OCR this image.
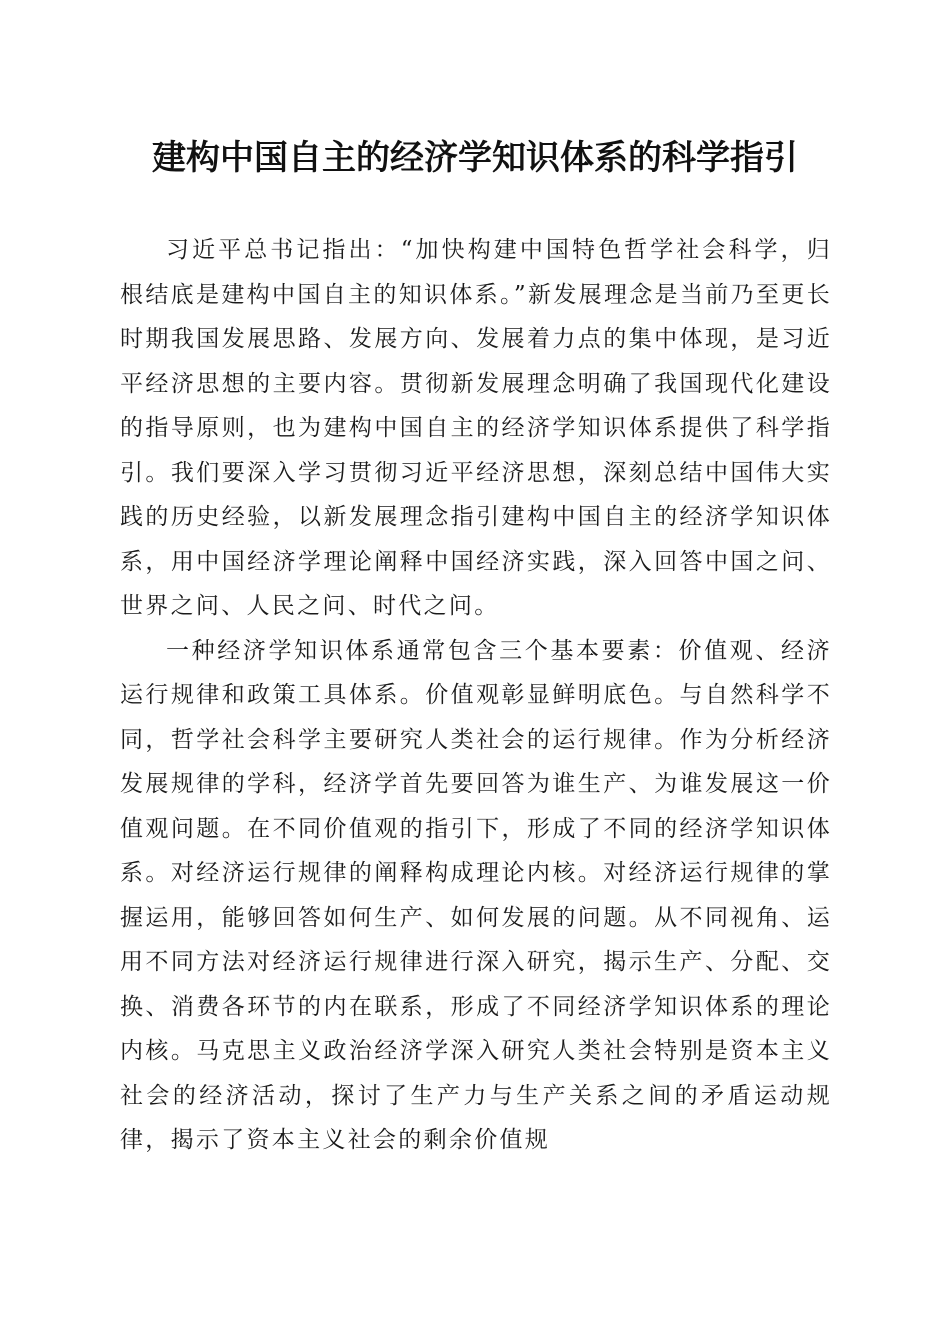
建构中国自主的经济学知识体系的科学指引

习近平总书记指出：“加快构建中国特色哲学社会科学，归根结底是建构中国自主的知识体系。”新发展理念是当前乃至更长时期我国发展思路、发展方向、发展着力点的集中体现，是习近平经济思想的主要内容。贯彻新发展理念明确了我国现代化建设的指导原则，也为建构中国自主的经济学知识体系提供了科学指引。我们要深入学习贯彻习近平经济思想，深刻总结中国伟大实践的历史经验，以新发展理念指引建构中国自主的经济学知识体系，用中国经济学理论阐释中国经济实践，深入回答中国之问、世界之问、人民之问、时代之问。

一种经济学知识体系通常包含三个基本要素：价值观、经济运行规律和政策工具体系。价值观彰显鲜明底色。与自然科学不同，哲学社会科学主要研究人类社会的运行规律。作为分析经济发展规律的学科，经济学首先要回答为谁生产、为谁发展这一价值观问题。在不同价值观的指引下，形成了不同的经济学知识体系。对经济运行规律的阐释构成理论内核。对经济运行规律的掌握运用，能够回答如何生产、如何发展的问题。从不同视角、运用不同方法对经济运行规律进行深入研究，揭示生产、分配、交换、消费各环节的内在联系，形成了不同经济学知识体系的理论内核。马克思主义政治经济学深入研究人类社会特别是资本主义社会的经济活动，探讨了生产力与生产关系之间的矛盾运动规律，揭示了资本主义社会的剩余价值规
